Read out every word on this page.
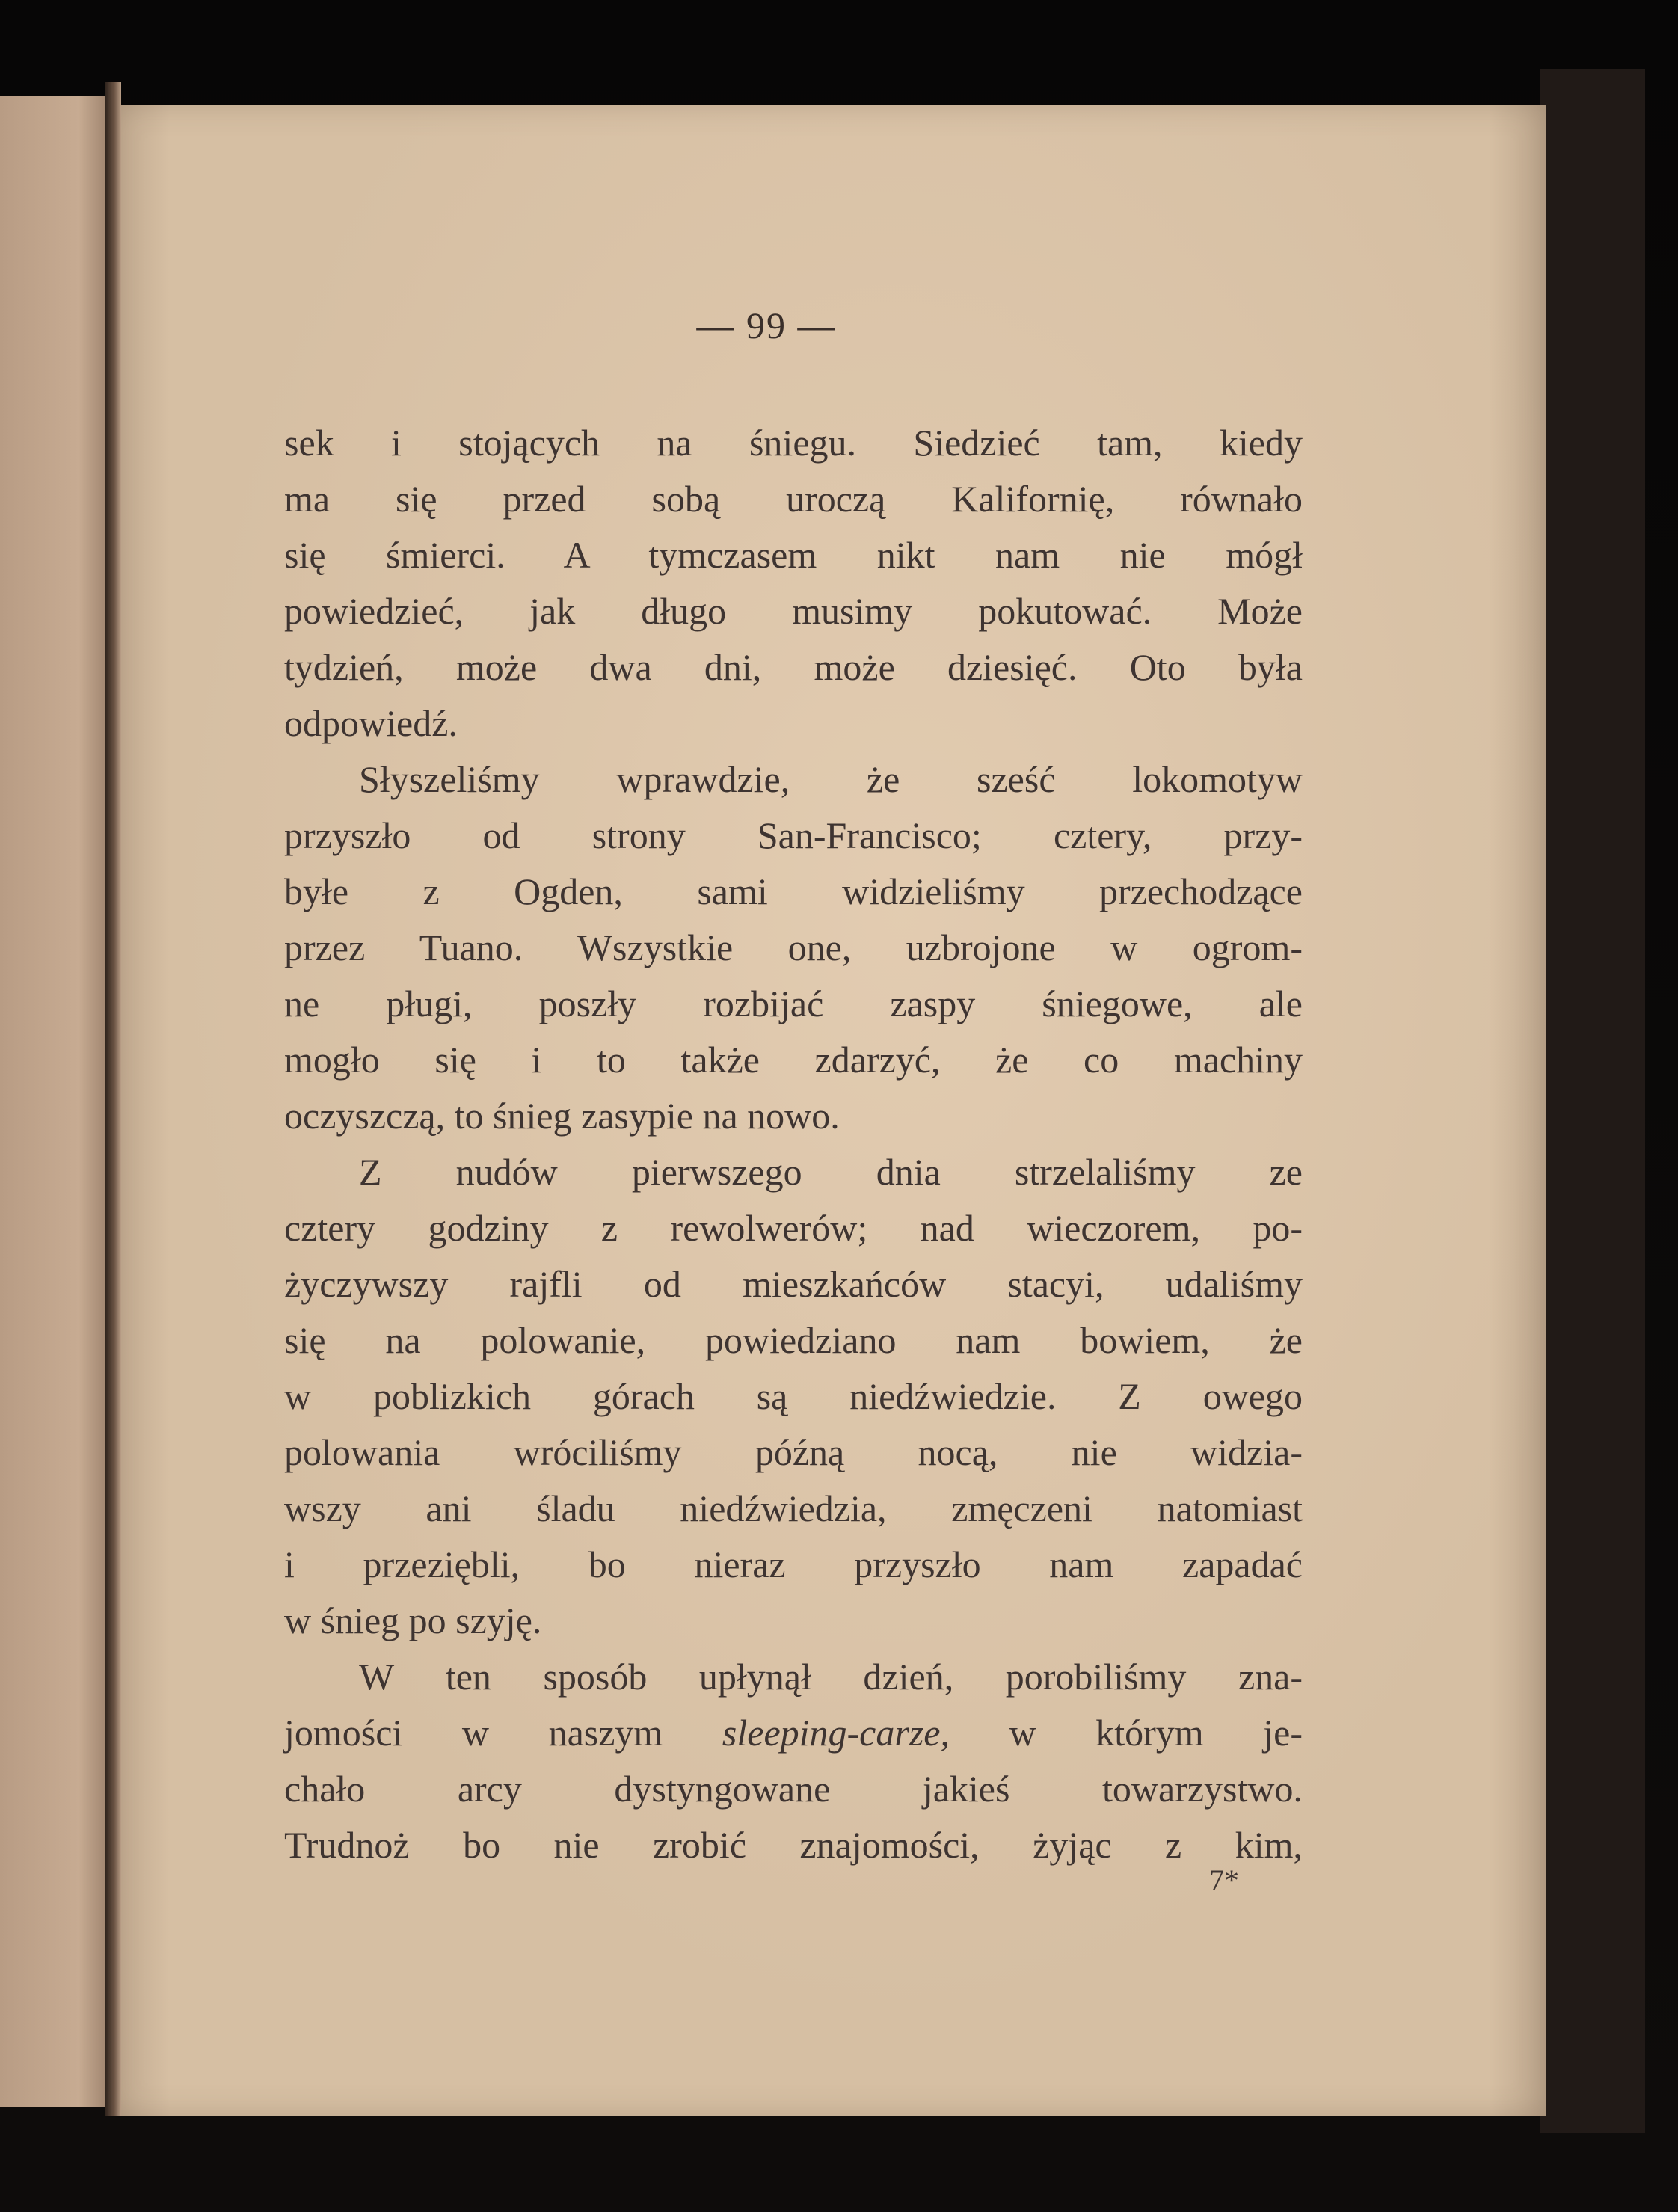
— 99 —
sek i stojących na śniegu. Siedzieć tam, kiedy
ma się przed sobą uroczą Kalifornię, równało
się śmierci. A tymczasem nikt nam nie mógł
powiedzieć, jak długo musimy pokutować. Może
tydzień, może dwa dni, może dziesięć. Oto była
odpowiedź.
Słyszeliśmy wprawdzie, że sześć lokomotyw
przyszło od strony San-Francisco; cztery, przy-
byłe z Ogden, sami widzieliśmy przechodzące
przez Tuano. Wszystkie one, uzbrojone w ogrom-
ne pługi, poszły rozbijać zaspy śniegowe, ale
mogło się i to także zdarzyć, że co machiny
oczyszczą, to śnieg zasypie na nowo.
Z nudów pierwszego dnia strzelaliśmy ze
cztery godziny z rewolwerów; nad wieczorem, po-
życzywszy rajfli od mieszkańców stacyi, udaliśmy
się na polowanie, powiedziano nam bowiem, że
w poblizkich górach są niedźwiedzie. Z owego
polowania wróciliśmy późną nocą, nie widzia-
wszy ani śladu niedźwiedzia, zmęczeni natomiast
i przeziębli, bo nieraz przyszło nam zapadać
w śnieg po szyję.
W ten sposób upłynął dzień, porobiliśmy zna-
jomości w naszym sleeping-carze, w którym je-
chało arcy dystyngowane jakieś towarzystwo.
Trudnoż bo nie zrobić znajomości, żyjąc z kim,
7*
